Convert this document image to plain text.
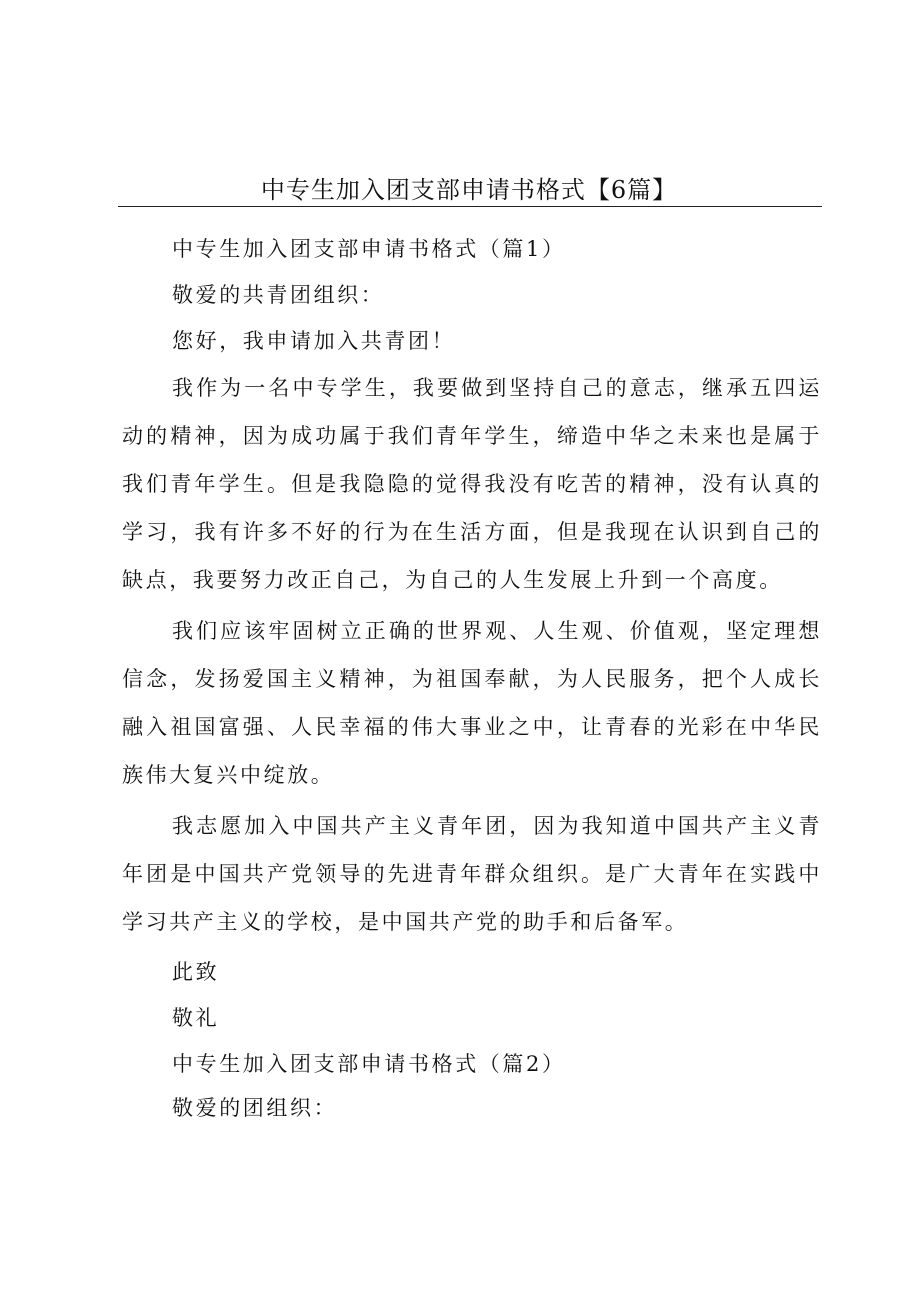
中专生加入团支部申请书格式【6篇】

中专生加入团支部申请书格式（篇1）

敬爱的共青团组织：

您好，我申请加入共青团！

我作为一名中专学生，我要做到坚持自己的意志，继承五四运动的精神，因为成功属于我们青年学生，缔造中华之未来也是属于我们青年学生。但是我隐隐的觉得我没有吃苦的精神，没有认真的学习，我有许多不好的行为在生活方面，但是我现在认识到自己的缺点，我要努力改正自己，为自己的人生发展上升到一个高度。

我们应该牢固树立正确的世界观、人生观、价值观，坚定理想信念，发扬爱国主义精神，为祖国奉献，为人民服务，把个人成长融入祖国富强、人民幸福的伟大事业之中，让青春的光彩在中华民族伟大复兴中绽放。

我志愿加入中国共产主义青年团，因为我知道中国共产主义青年团是中国共产党领导的先进青年群众组织。是广大青年在实践中学习共产主义的学校，是中国共产党的助手和后备军。

此致

敬礼

中专生加入团支部申请书格式（篇2）

敬爱的团组织：
